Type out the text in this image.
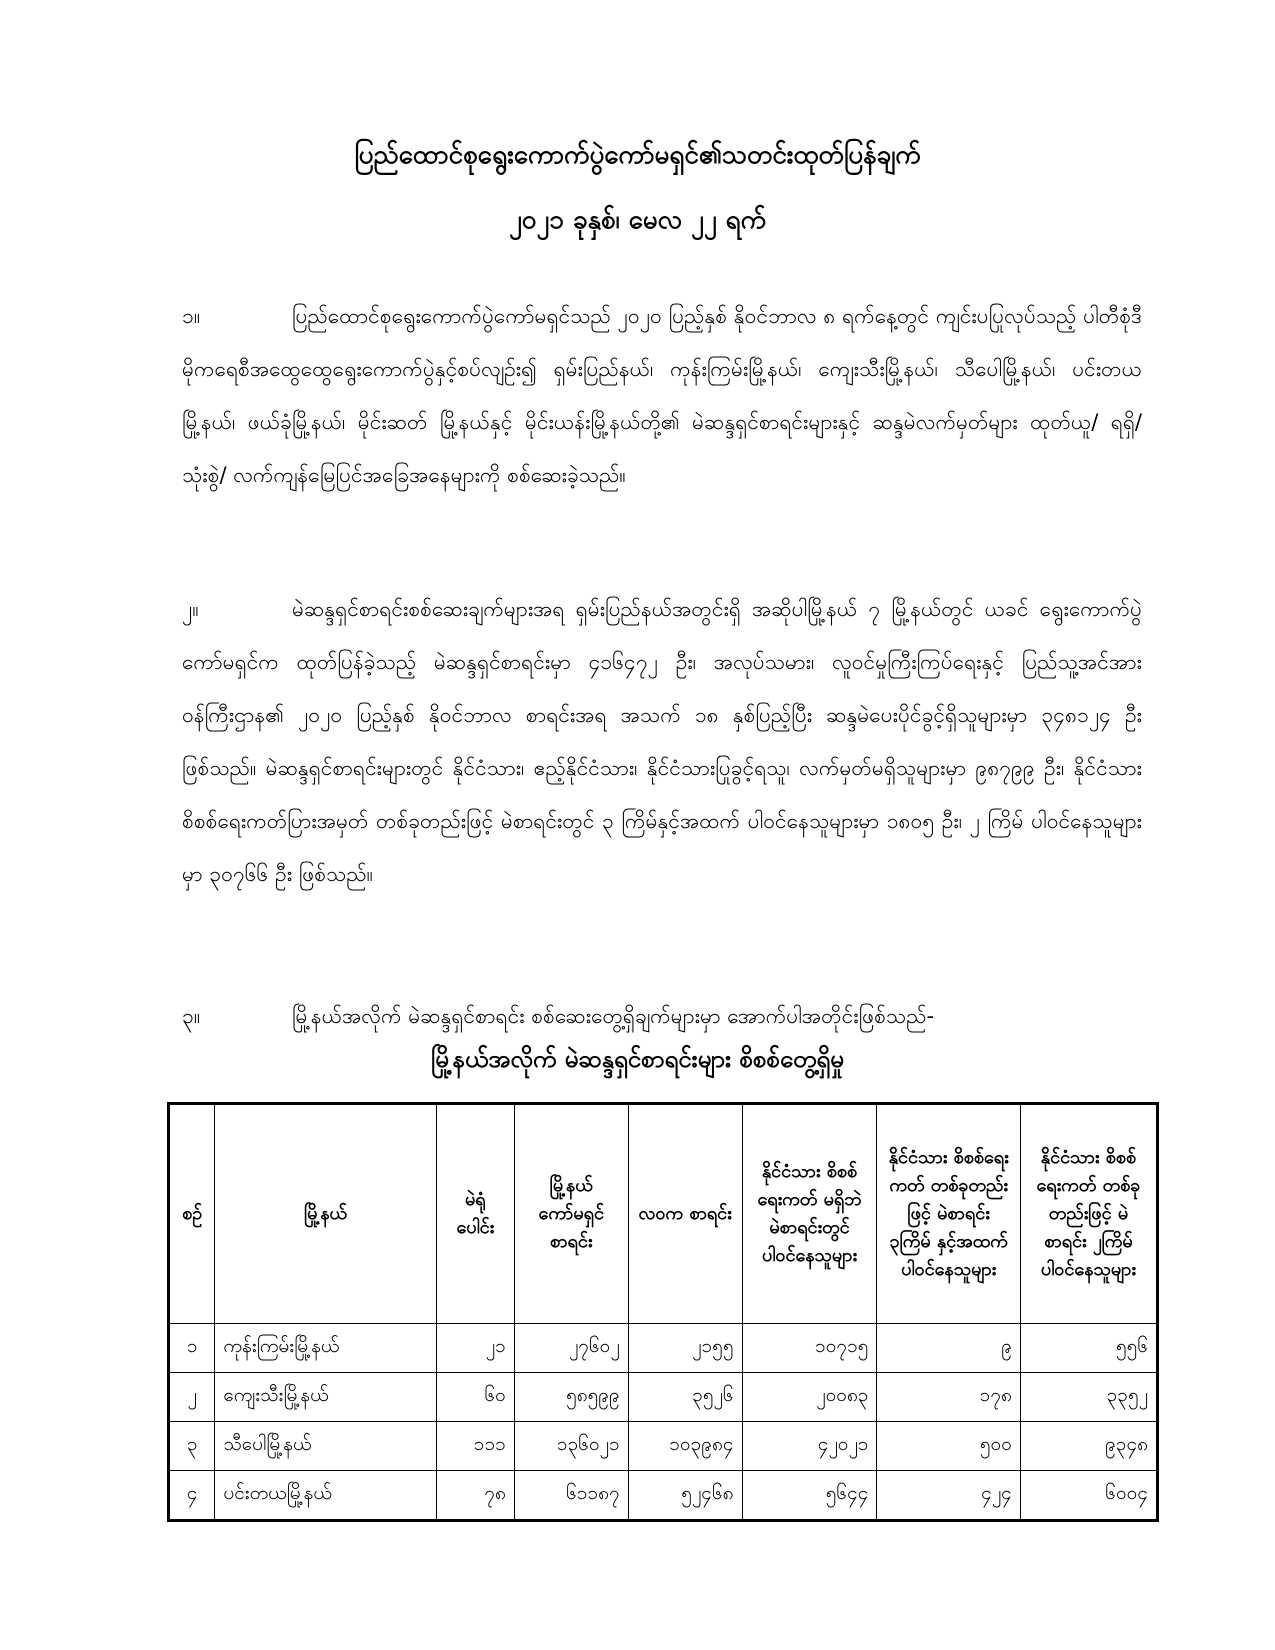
ပြည်ထောင်စုရွေးကောက်ပွဲကော်မရှင်၏သတင်းထုတ်ပြန်ချက်
၂၀၂၁ ခုနှစ်၊ မေလ ၂၂ ရက်
၁။	ပြည်ထောင်စုရွေးကောက်ပွဲကော်မရှင်သည် ၂၀၂၀ ပြည့်နှစ် နိုဝင်ဘာလ ၈ ရက်နေ့တွင် ကျင်းပပြုလုပ်သည့် ပါတီစုံဒီမိုကရေစီအထွေထွေရွေးကောက်ပွဲနှင့်စပ်လျဉ်း၍ ရှမ်းပြည်နယ်၊ ကုန်းကြမ်းမြို့နယ်၊ ကျေးသီးမြို့နယ်၊ သီပေါမြို့နယ်၊ ပင်းတယမြို့နယ်၊ ဖယ်ခုံမြို့နယ်၊ မိုင်းဆတ် မြို့နယ်နှင့် မိုင်းယန်းမြို့နယ်တို့၏ မဲဆန္ဒရှင်စာရင်းများနှင့် ဆန္ဒမဲလက်မှတ်များ ထုတ်ယူ/ ရရှိ/ သုံးစွဲ/ လက်ကျန်မြေပြင်အခြေအနေများကို စစ်ဆေးခဲ့သည်။
၂။	မဲဆန္ဒရှင်စာရင်းစစ်ဆေးချက်များအရ ရှမ်းပြည်နယ်အတွင်းရှိ အဆိုပါမြို့နယ် ၇ မြို့နယ်တွင် ယခင် ရွေးကောက်ပွဲကော်မရှင်က ထုတ်ပြန်ခဲ့သည့် မဲဆန္ဒရှင်စာရင်းမှာ ၄၁၆၄၇၂ ဦး၊ အလုပ်သမား၊ လူဝင်မှုကြီးကြပ်ရေးနှင့် ပြည်သူ့အင်အားဝန်ကြီးဌာန၏ ၂၀၂၀ ပြည့်နှစ် နိုဝင်ဘာလ စာရင်းအရ အသက် ၁၈ နှစ်ပြည့်ပြီး ဆန္ဒမဲပေးပိုင်ခွင့်ရှိသူများမှာ ၃၄၈၁၂၄ ဦး ဖြစ်သည်။ မဲဆန္ဒရှင်စာရင်းများတွင် နိုင်ငံသား၊ ဧည့်နိုင်ငံသား၊ နိုင်ငံသားပြုခွင့်ရသူ၊ လက်မှတ်မရှိသူများမှာ ၉၈၇၉၉ ဦး၊ နိုင်ငံသား စိစစ်ရေးကတ်ပြားအမှတ် တစ်ခုတည်းဖြင့် မဲစာရင်းတွင် ၃ ကြိမ်နှင့်အထက် ပါဝင်နေသူများမှာ ၁၈၀၅ ဦး၊ ၂ ကြိမ် ပါဝင်နေသူများမှာ ၃၀၇၆၆ ဦး ဖြစ်သည်။
၃။	မြို့နယ်အလိုက် မဲဆန္ဒရှင်စာရင်း စစ်ဆေးတွေ့ရှိချက်များမှာ အောက်ပါအတိုင်းဖြစ်သည်-
မြို့နယ်အလိုက် မဲဆန္ဒရှင်စာရင်းများ စိစစ်တွေ့ရှိမှု
စဉ်	မြို့နယ်	မဲရုံ ပေါင်း	မြို့နယ် ကော်မရှင် စာရင်း	လဝက စာရင်း	နိုင်ငံသား စိစစ်ရေးကတ် မရှိဘဲ မဲစာရင်းတွင် ပါဝင်နေသူများ	နိုင်ငံသား စိစစ်ရေးကတ် တစ်ခုတည်းဖြင့် မဲစာရင်း ၃ကြိမ် နှင့်အထက် ပါဝင်နေသူများ	နိုင်ငံသား စိစစ်ရေးကတ် တစ်ခုတည်းဖြင့် မဲစာရင်း ၂ကြိမ် ပါဝင်နေသူများ
၁	ကုန်းကြမ်းမြို့နယ်	၂၁	၂၇၆၀၂	၂၁၅၅	၁၀၇၁၅	၉	၅၅၆
၂	ကျေးသီးမြို့နယ်	၆၀	၅၈၅၉၉	၃၅၂၆	၂၀၀၈၃	၁၇၈	၃၃၅၂
၃	သီပေါမြို့နယ်	၁၁၁	၁၃၆၀၂၁	၁၀၃၉၈၄	၄၂၀၂၁	၅၀၀	၉၃၄၈
၄	ပင်းတယမြို့နယ်	၇၈	၆၁၁၈၇	၅၂၄၆၈	၅၆၄၄	၄၂၄	၆၀၀၄
